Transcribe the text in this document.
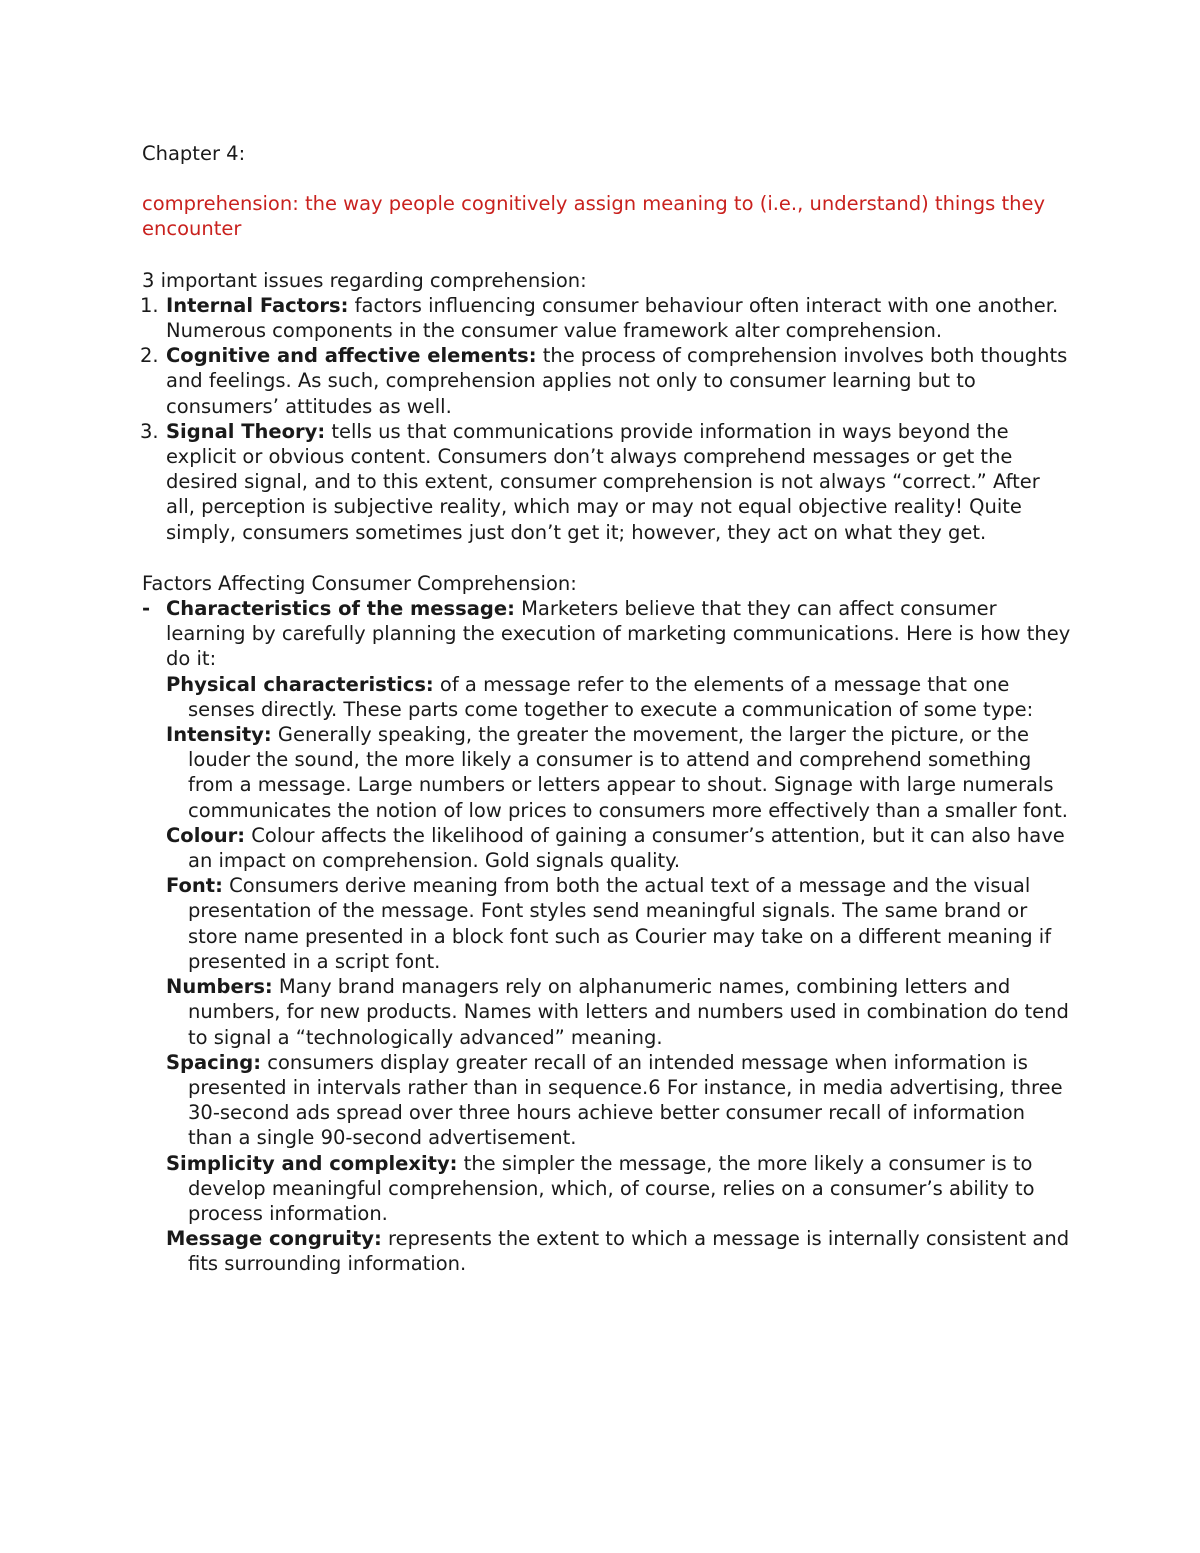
Chapter 4:

comprehension: the way people cognitively assign meaning to (i.e., understand) things they encounter

3 important issues regarding comprehension:

1. Internal Factors: factors influencing consumer behaviour often interact with one another. Numerous components in the consumer value framework alter comprehension.
2. Cognitive and affective elements: the process of comprehension involves both thoughts and feelings. As such, comprehension applies not only to consumer learning but to consumers’ attitudes as well.
3. Signal Theory: tells us that communications provide information in ways beyond the explicit or obvious content. Consumers don’t always comprehend messages or get the desired signal, and to this extent, consumer comprehension is not always “correct.” After all, perception is subjective reality, which may or may not equal objective reality! Quite simply, consumers sometimes just don’t get it; however, they act on what they get.

Factors Affecting Consumer Comprehension:

- Characteristics of the message: Marketers believe that they can affect consumer learning by carefully planning the execution of marketing communications. Here is how they do it:

Physical characteristics: of a message refer to the elements of a message that one senses directly. These parts come together to execute a communication of some type:

Intensity: Generally speaking, the greater the movement, the larger the picture, or the louder the sound, the more likely a consumer is to attend and comprehend something from a message. Large numbers or letters appear to shout. Signage with large numerals communicates the notion of low prices to consumers more effectively than a smaller font.

Colour: Colour affects the likelihood of gaining a consumer’s attention, but it can also have an impact on comprehension. Gold signals quality.

Font: Consumers derive meaning from both the actual text of a message and the visual presentation of the message. Font styles send meaningful signals. The same brand or store name presented in a block font such as Courier may take on a different meaning if presented in a script font.

Numbers: Many brand managers rely on alphanumeric names, combining letters and numbers, for new products. Names with letters and numbers used in combination do tend to signal a “technologically advanced” meaning.

Spacing: consumers display greater recall of an intended message when information is presented in intervals rather than in sequence.6 For instance, in media advertising, three 30-second ads spread over three hours achieve better consumer recall of information than a single 90-second advertisement.

Simplicity and complexity: the simpler the message, the more likely a consumer is to develop meaningful comprehension, which, of course, relies on a consumer’s ability to process information.

Message congruity: represents the extent to which a message is internally consistent and fits surrounding information.
